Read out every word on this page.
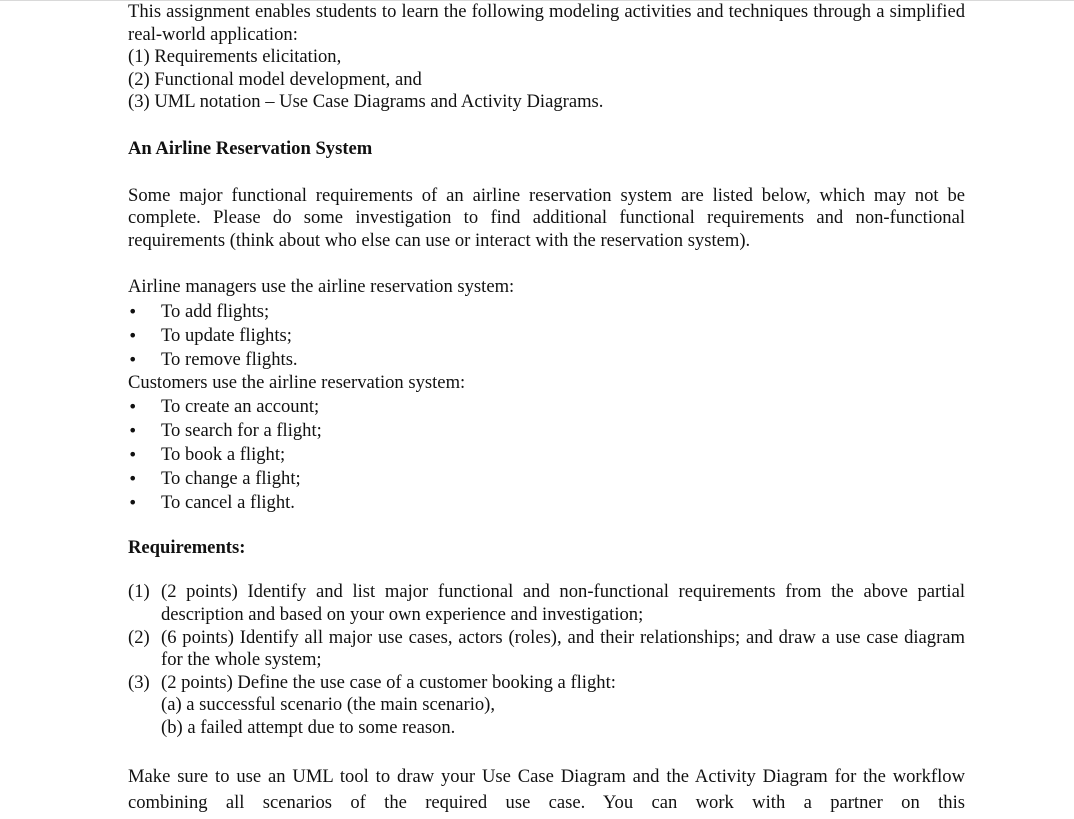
This assignment enables students to learn the following modeling activities and techniques through a simplified real-world application:

(1) Requirements elicitation,

(2) Functional model development, and

(3) UML notation – Use Case Diagrams and Activity Diagrams.

An Airline Reservation System

Some major functional requirements of an airline reservation system are listed below, which may not be complete. Please do some investigation to find additional functional requirements and non-functional requirements (think about who else can use or interact with the reservation system).

Airline managers use the airline reservation system:

• To add flights;
• To update flights;
• To remove flights.

Customers use the airline reservation system:

• To create an account;
• To search for a flight;
• To book a flight;
• To change a flight;
• To cancel a flight.

Requirements:

(1) (2 points) Identify and list major functional and non-functional requirements from the above partial description and based on your own experience and investigation;
(2) (6 points) Identify all major use cases, actors (roles), and their relationships; and draw a use case diagram for the whole system;
(3) (2 points) Define the use case of a customer booking a flight:

(a) a successful scenario (the main scenario),

(b) a failed attempt due to some reason.

Make sure to use an UML tool to draw your Use Case Diagram and the Activity Diagram for the workflow combining all scenarios of the required use case. You can work with a partner on this
